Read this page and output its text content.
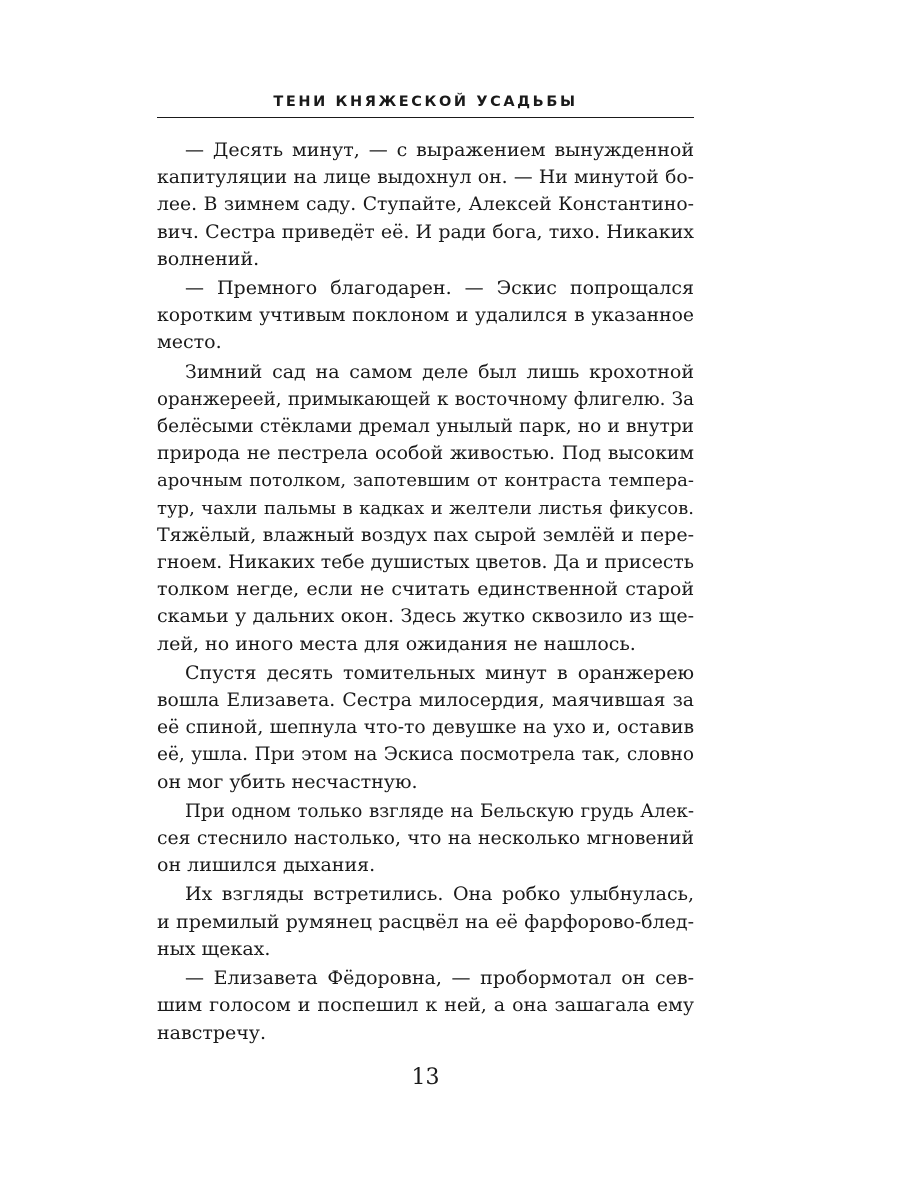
ТЕНИ КНЯЖЕСКОЙ УСАДЬБЫ

— Десять минут, — с выражением вынужденной
капитуляции на лице выдохнул он. — Ни минутой бо-
лее. В зимнем саду. Ступайте, Алексей Константино-
вич. Сестра приведёт её. И ради бога, тихо. Никаких
волнений.

— Премного благодарен. — Эскис попрощался
коротким учтивым поклоном и удалился в указанное
место.

Зимний сад на самом деле был лишь крохотной
оранжереей, примыкающей к восточному флигелю. За
белёсыми стёклами дремал унылый парк, но и внутри
природа не пестрела особой живостью. Под высоким
арочным потолком, запотевшим от контраста темпера-
тур, чахли пальмы в кадках и желтели листья фикусов.
Тяжёлый, влажный воздух пах сырой землёй и пере-
гноем. Никаких тебе душистых цветов. Да и присесть
толком негде, если не считать единственной старой
скамьи у дальних окон. Здесь жутко сквозило из ще-
лей, но иного места для ожидания не нашлось.

Спустя десять томительных минут в оранжерею
вошла Елизавета. Сестра милосердия, маячившая за
её спиной, шепнула что-то девушке на ухо и, оставив
её, ушла. При этом на Эскиса посмотрела так, словно
он мог убить несчастную.

При одном только взгляде на Бельскую грудь Алек-
сея стеснило настолько, что на несколько мгновений
он лишился дыхания.

Их взгляды встретились. Она робко улыбнулась,
и премилый румянец расцвёл на её фарфорово-блед-
ных щеках.

— Елизавета Фёдоровна, — пробормотал он сев-
шим голосом и поспешил к ней, а она зашагала ему
навстречу.

13
